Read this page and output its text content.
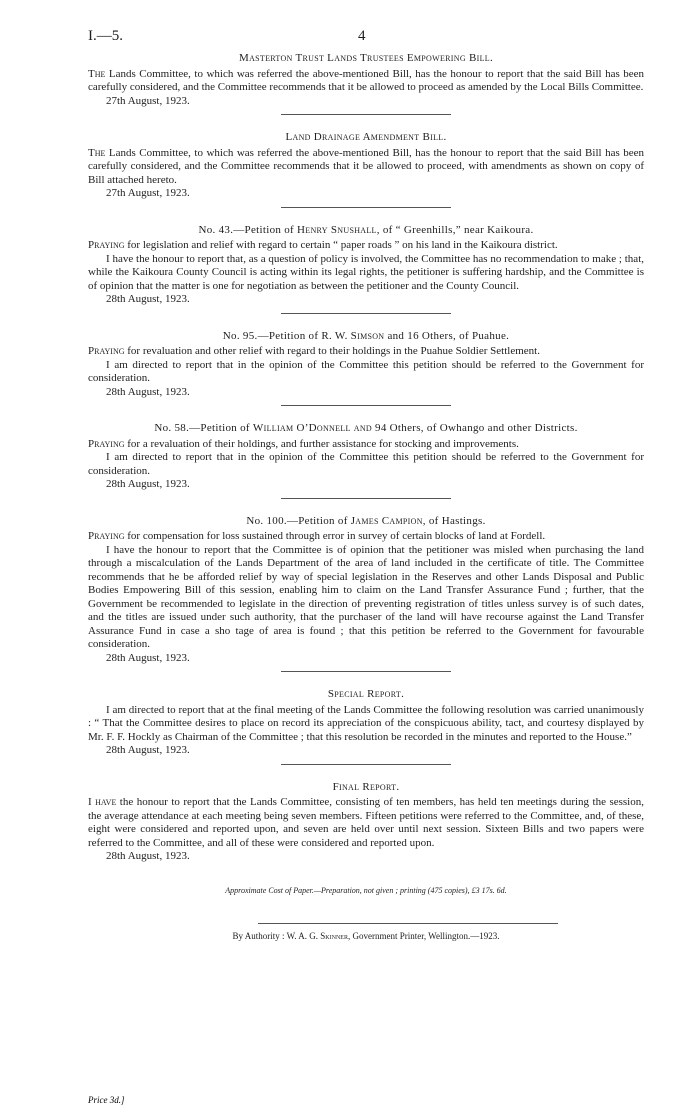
I.—5.	4
Masterton Trust Lands Trustees Empowering Bill.

The Lands Committee, to which was referred the above-mentioned Bill, has the honour to report that the said Bill has been carefully considered, and the Committee recommends that it be allowed to proceed as amended by the Local Bills Committee.

27th August, 1923.
Land Drainage Amendment Bill.

The Lands Committee, to which was referred the above-mentioned Bill, has the honour to report that the said Bill has been carefully considered, and the Committee recommends that it be allowed to proceed, with amendments as shown on copy of Bill attached hereto.

27th August, 1923.
No. 43.—Petition of Henry Snushall, of “ Greenhills,” near Kaikoura.

Praying for legislation and relief with regard to certain “ paper roads ” on his land in the Kaikoura district.

I have the honour to report that, as a question of policy is involved, the Committee has no recommendation to make ; that, while the Kaikoura County Council is acting within its legal rights, the petitioner is suffering hardship, and the Committee is of opinion that the matter is one for negotiation as between the petitioner and the County Council.

28th August, 1923.
No. 95.—Petition of R. W. Simson and 16 Others, of Puahue.

Praying for revaluation and other relief with regard to their holdings in the Puahue Soldier Settlement.

I am directed to report that in the opinion of the Committee this petition should be referred to the Government for consideration.

28th August, 1923.
No. 58.—Petition of William O’Donnell and 94 Others, of Owhango and other Districts.

Praying for a revaluation of their holdings, and further assistance for stocking and improvements.

I am directed to report that in the opinion of the Committee this petition should be referred to the Government for consideration.

28th August, 1923.
No. 100.—Petition of James Campion, of Hastings.

Praying for compensation for loss sustained through error in survey of certain blocks of land at Fordell.

I have the honour to report that the Committee is of opinion that the petitioner was misled when purchasing the land through a miscalculation of the Lands Department of the area of land included in the certificate of title. The Committee recommends that he be afforded relief by way of special legislation in the Reserves and other Lands Disposal and Public Bodies Empowering Bill of this session, enabling him to claim on the Land Transfer Assurance Fund ; further, that the Government be recommended to legislate in the direction of preventing registration of titles unless survey is of such dates, and the titles are issued under such authority, that the purchaser of the land will have recourse against the Land Transfer Assurance Fund in case a sho tage of area is found ; that this petition be referred to the Government for favourable consideration.

28th August, 1923.
Special Report.

I am directed to report that at the final meeting of the Lands Committee the following resolution was carried unanimously : “ That the Committee desires to place on record its appreciation of the conspicuous ability, tact, and courtesy displayed by Mr. F. F. Hockly as Chairman of the Committee ; that this resolution be recorded in the minutes and reported to the House.”

28th August, 1923.
Final Report.

I have the honour to report that the Lands Committee, consisting of ten members, has held ten meetings during the session, the average attendance at each meeting being seven members. Fifteen petitions were referred to the Committee, and, of these, eight were considered and reported upon, and seven are held over until next session. Sixteen Bills and two papers were referred to the Committee, and all of these were considered and reported upon.

28th August, 1923.
Approximate Cost of Paper.—Preparation, not given ; printing (475 copies), £3 17s. 6d.
By Authority : W. A. G. Skinner, Government Printer, Wellington.—1923.
Price 3d.]
